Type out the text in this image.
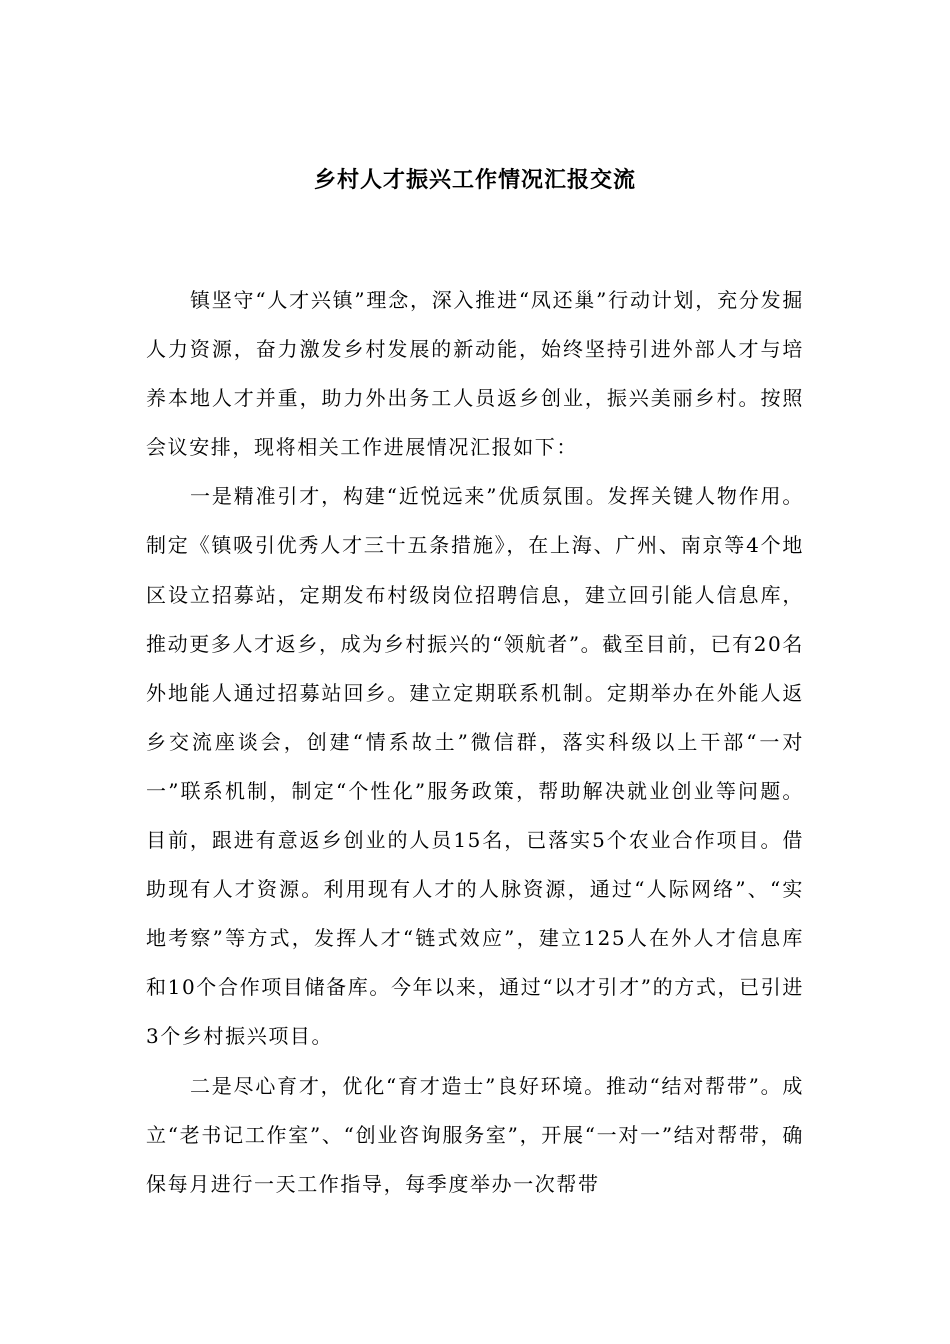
乡村人才振兴工作情况汇报交流

镇坚守“人才兴镇”理念，深入推进“凤还巢”行动计划，充分发掘人力资源，奋力激发乡村发展的新动能，始终坚持引进外部人才与培养本地人才并重，助力外出务工人员返乡创业，振兴美丽乡村。按照会议安排，现将相关工作进展情况汇报如下：

一是精准引才，构建“近悦远来”优质氛围。发挥关键人物作用。制定《镇吸引优秀人才三十五条措施》，在上海、广州、南京等4个地区设立招募站，定期发布村级岗位招聘信息，建立回引能人信息库，推动更多人才返乡，成为乡村振兴的“领航者”。截至目前，已有20名外地能人通过招募站回乡。建立定期联系机制。定期举办在外能人返乡交流座谈会，创建“情系故土”微信群，落实科级以上干部“一对一”联系机制，制定“个性化”服务政策，帮助解决就业创业等问题。目前，跟进有意返乡创业的人员15名，已落实5个农业合作项目。借助现有人才资源。利用现有人才的人脉资源，通过“人际网络”、“实地考察”等方式，发挥人才“链式效应”，建立125人在外人才信息库和10个合作项目储备库。今年以来，通过“以才引才”的方式，已引进3个乡村振兴项目。

二是尽心育才，优化“育才造士”良好环境。推动“结对帮带”。成立“老书记工作室”、“创业咨询服务室”，开展“一对一”结对帮带，确保每月进行一天工作指导，每季度举办一次帮带
